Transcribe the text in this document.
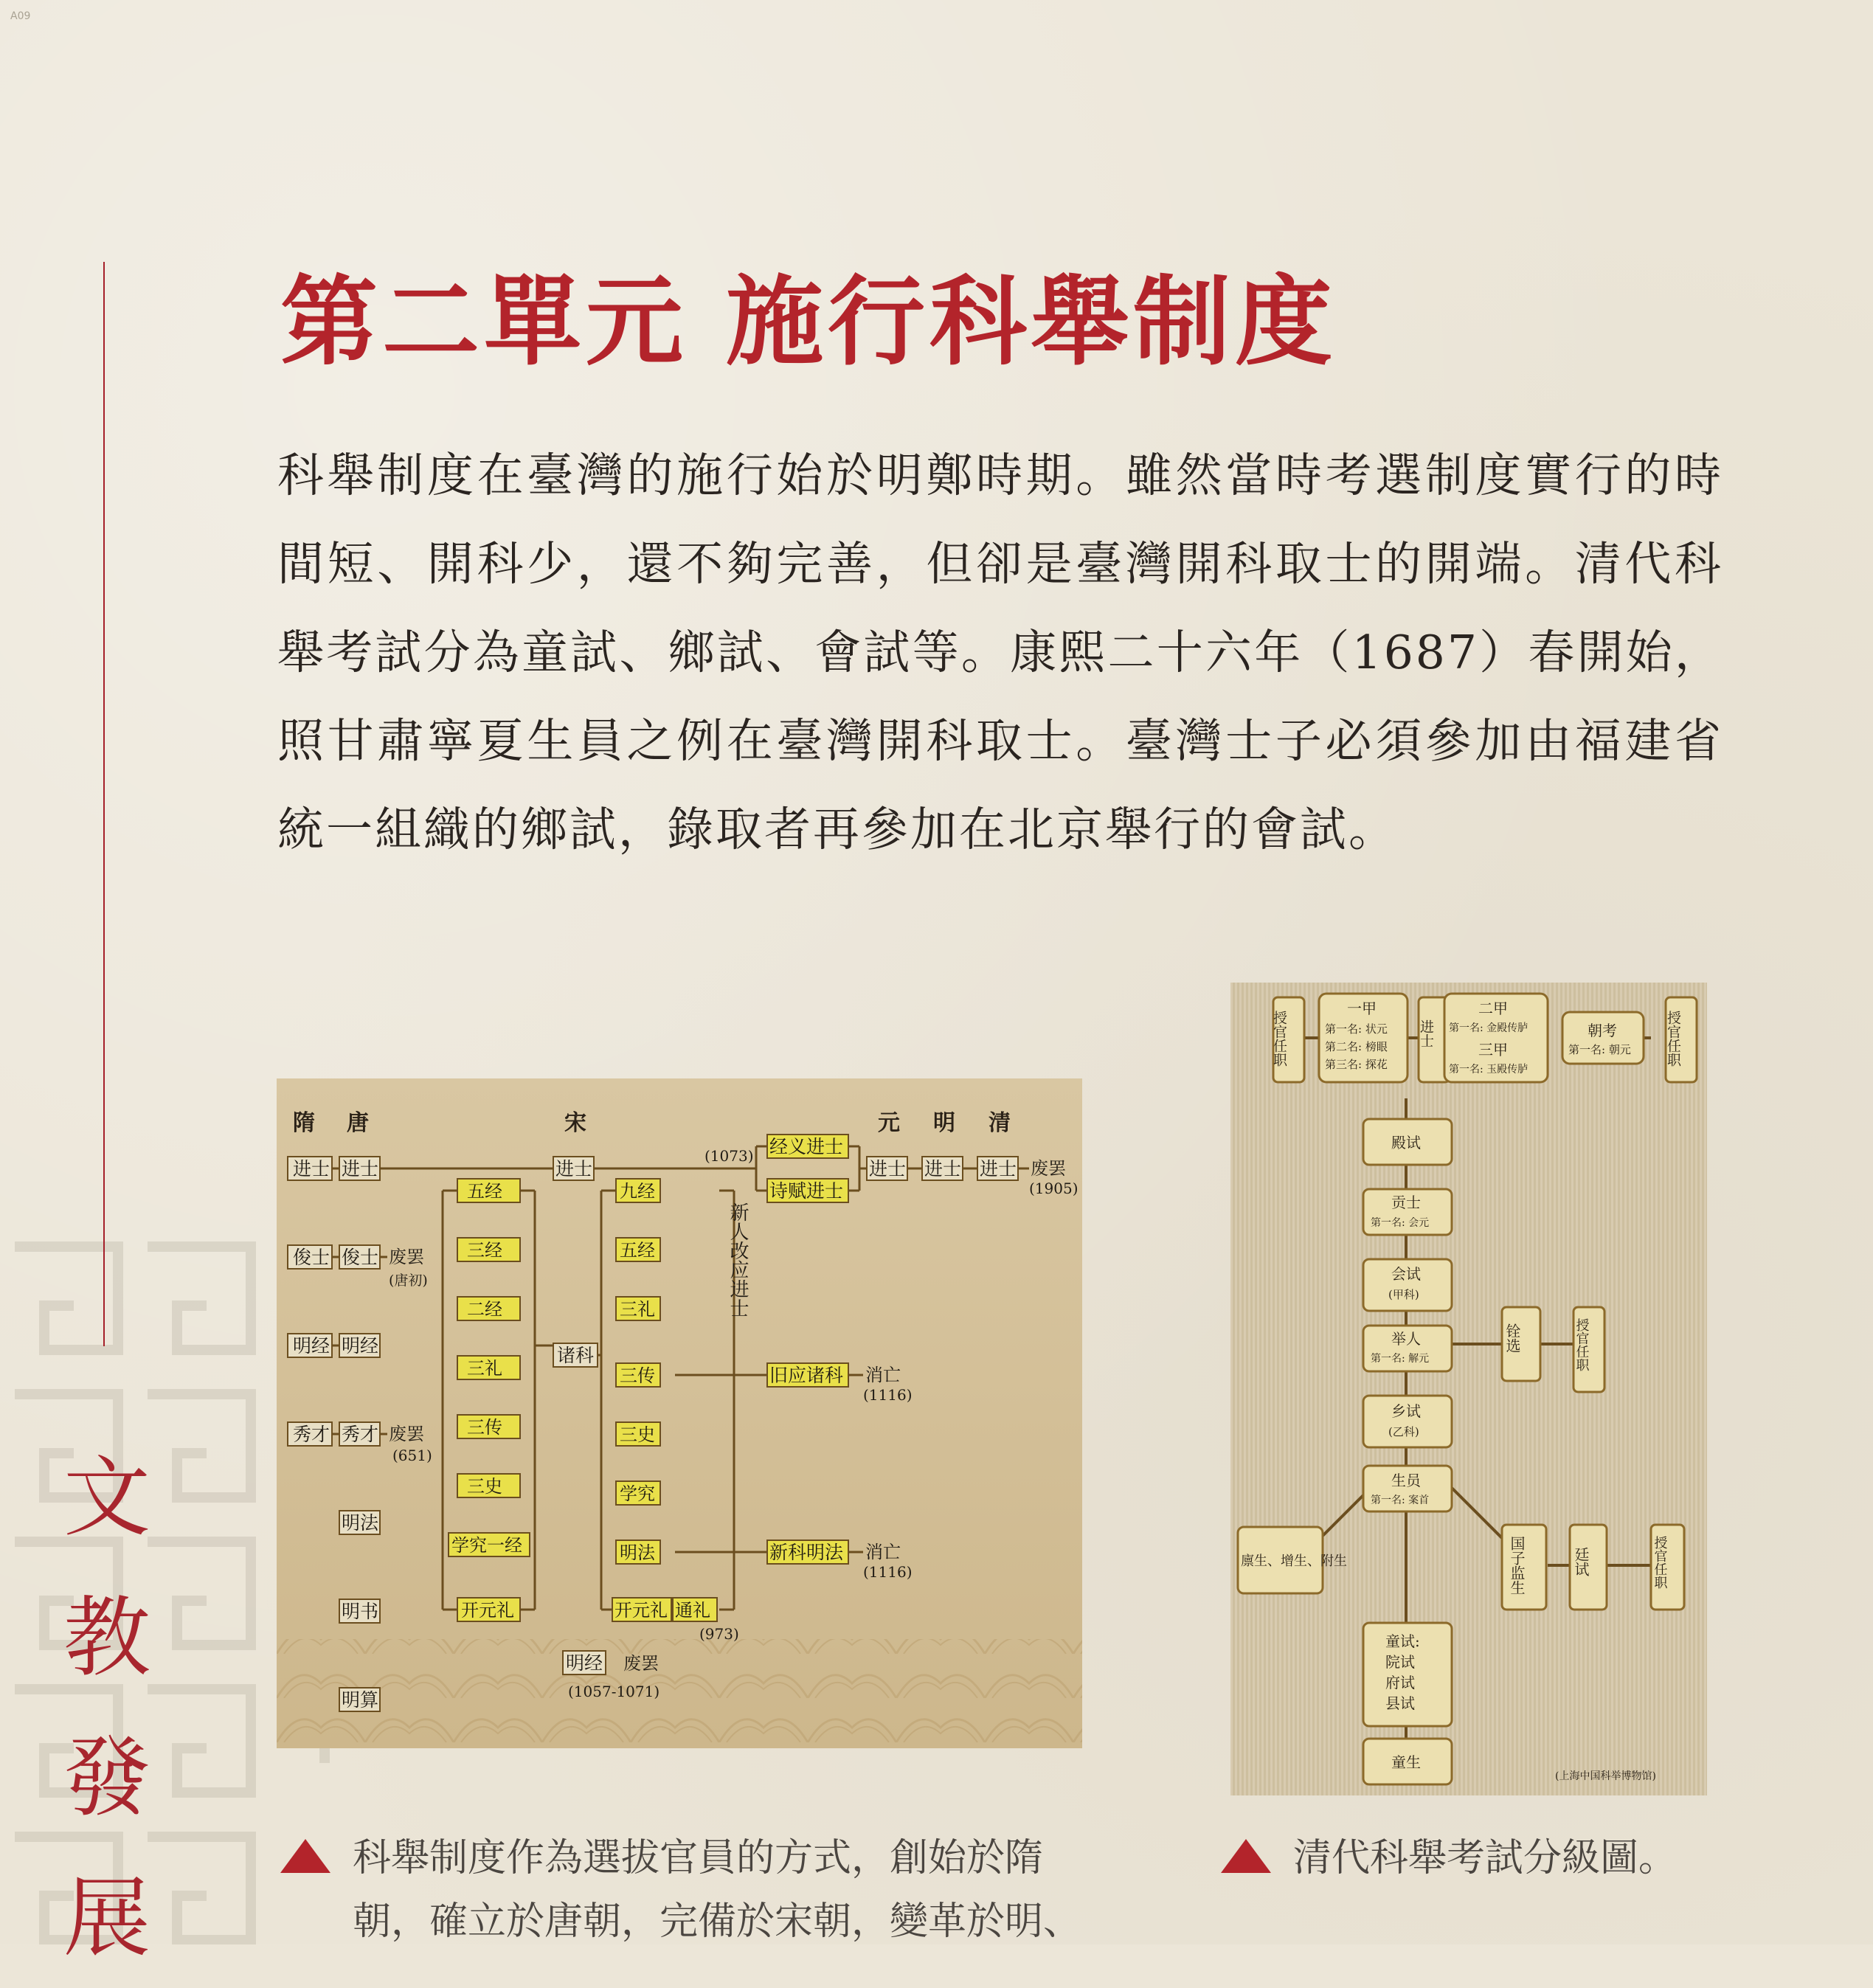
A09
文
教
發
展
第二單元 施行科舉制度

科舉制度在臺灣的施行始於明鄭時期。雖然當時考選制度實行的時間短、開科少，還不夠完善，但卻是臺灣開科取士的開端。清代科舉考試分為童試、鄉試、會試等。康熙二十六年（1687）春開始，照甘肅寧夏生員之例在臺灣開科取士。臺灣士子必須參加由福建省統一組織的鄉試，錄取者再參加在北京舉行的會試。

隋 唐	宋	元 明 清
进士
俊士
明经
秀才
进士
俊士
明经
秀才
明法
明书
明算
废罢
(唐初)
废罢
(651)
五经
三经
二经
三礼
三传
三史
学究一经
开元礼
进士
诸科
九经
五经
三礼
三传
三史
学究
明法
开元礼 通礼
(973)
新人改应进士
(1073) 经义进士
诗赋进士
旧应诸科
新科明法
消亡
(1116)
消亡
(1116)
进士 进士 进士 废罢
(1905)
明经 废罢
(1057-1071)
授官任职
一甲
第一名: 状元
第二名: 榜眼
第三名: 探花
进士
二甲
第一名: 金殿传胪
三甲
第一名: 玉殿传胪
朝考
第一名: 朝元 授官任职
殿试
贡士
第一名: 会元
会试
(甲科)
举人
第一名: 解元
乡试
(乙科)
生员
第一名: 案首
童试:
院试
府试
县试
童生
铨选	授官任职
廪生、增生、附生	国子监生	廷试	授官任职
(上海中国科举博物馆)
科舉制度作為選拔官員的方式，創始於隋
朝，確立於唐朝，完備於宋朝，變革於明、
清代科舉考試分級圖。
